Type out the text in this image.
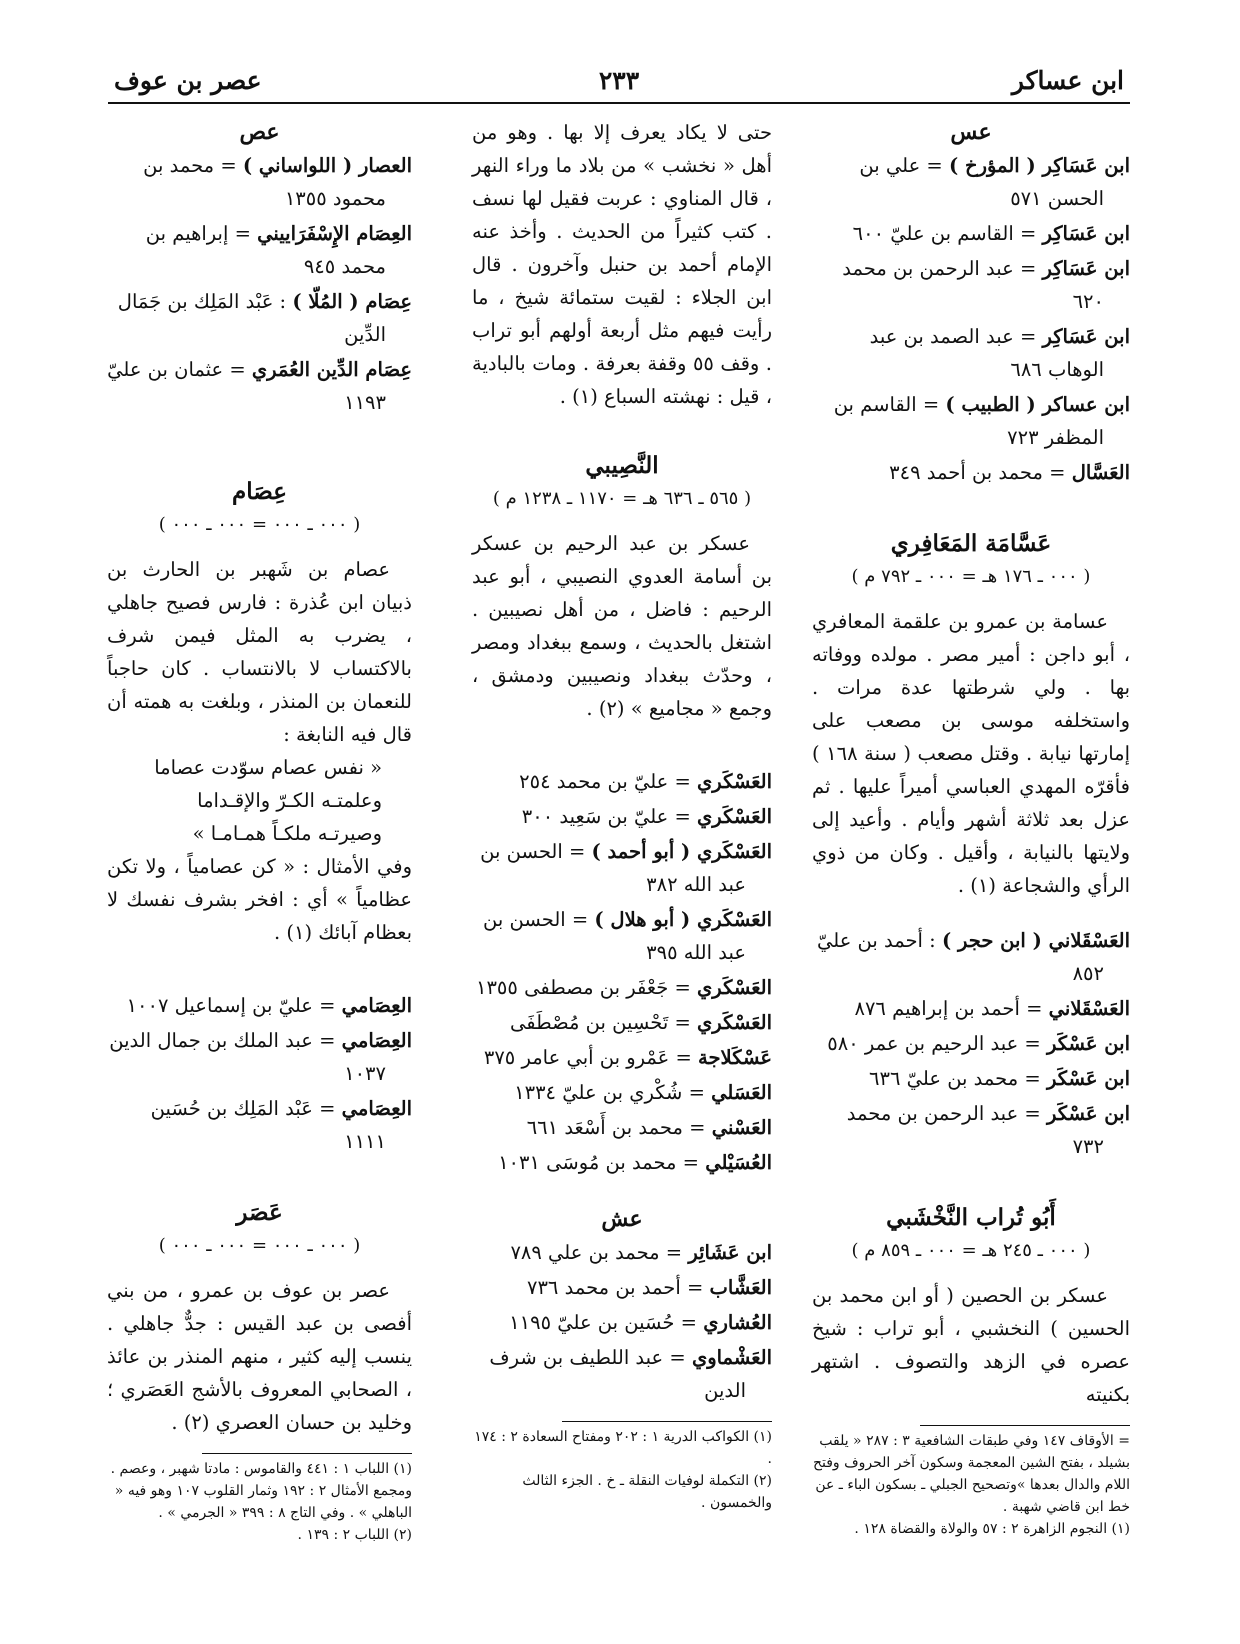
ابن عساكر
٢٣٣
عصر بن عوف
عس
ابن عَسَاكِر ( المؤرخ ) = علي بن الحسن ٥٧١
ابن عَسَاكِر = القاسم بن عليّ ٦٠٠
ابن عَسَاكِر = عبد الرحمن بن محمد ٦٢٠
ابن عَسَاكِر = عبد الصمد بن عبد الوهاب ٦٨٦
ابن عساكر ( الطبيب ) = القاسم بن المظفر ٧٢٣
العَسَّال = محمد بن أحمد ٣٤٩
عَسَّامَة المَعَافِري
( ٠٠٠ ـ ١٧٦ هـ = ٠٠٠ ـ ٧٩٢ م )

عسامة بن عمرو بن علقمة المعافري ، أبو داجن : أمير مصر . مولده ووفاته بها . ولي شرطتها عدة مرات . واستخلفه موسى بن مصعب على إمارتها نيابة . وقتل مصعب ( سنة ١٦٨ ) فأقرّه المهدي العباسي أميراً عليها . ثم عزل بعد ثلاثة أشهر وأيام . وأعيد إلى ولايتها بالنيابة ، وأقيل . وكان من ذوي الرأي والشجاعة (١) .

العَسْقَلاني ( ابن حجر ) : أحمد بن عليّ ٨٥٢
العَسْقَلاني = أحمد بن إبراهيم ٨٧٦
ابن عَسْكَر = عبد الرحيم بن عمر ٥٨٠
ابن عَسْكَر = محمد بن عليّ ٦٣٦
ابن عَسْكَر = عبد الرحمن بن محمد ٧٣٢
أَبُو تُراب النَّخْشَبي
( ٠٠٠ ـ ٢٤٥ هـ = ٠٠٠ ـ ٨٥٩ م )

عسكر بن الحصين ( أو ابن محمد بن الحسين ) النخشبي ، أبو تراب : شيخ عصره في الزهد والتصوف . اشتهر بكنيته

= الأوقاف ١٤٧ وفي طبقات الشافعية ٣ : ٢٨٧ « يلقب بشيلد ، بفتح الشين المعجمة وسكون آخر الحروف وفتح اللام والدال بعدها »وتصحيح الجبلي ـ بسكون الباء ـ عن خط ابن قاضي شهبة .

(١) النجوم الزاهرة ٢ : ٥٧ والولاة والقضاة ١٢٨ .

حتى لا يكاد يعرف إلا بها . وهو من أهل « نخشب » من بلاد ما وراء النهر ، قال المناوي : عربت فقيل لها نسف . كتب كثيراً من الحديث . وأخذ عنه الإمام أحمد بن حنبل وآخرون . قال ابن الجلاء : لقيت ستمائة شيخ ، ما رأيت فيهم مثل أربعة أولهم أبو تراب . وقف ٥٥ وقفة بعرفة . ومات بالبادية ، قيل : نهشته السباع (١) .

النَّصِيبي
( ٥٦٥ ـ ٦٣٦ هـ = ١١٧٠ ـ ١٢٣٨ م )

عسكر بن عبد الرحيم بن عسكر بن أسامة العدوي النصيبي ، أبو عبد الرحيم : فاضل ، من أهل نصيبين . اشتغل بالحديث ، وسمع ببغداد ومصر ، وحدّث ببغداد ونصيبين ودمشق ، وجمع « مجاميع » (٢) .

العَسْكَري = عليّ بن محمد ٢٥٤
العَسْكَري = عليّ بن سَعِيد ٣٠٠
العَسْكَري ( أبو أحمد ) = الحسن بن عبد الله ٣٨٢
العَسْكَري ( أبو هلال ) = الحسن بن عبد الله ٣٩٥
العَسْكَري = جَعْفَر بن مصطفى ١٣٥٥
العَسْكَري = تَحْسِين بن مُصْطَفَى
عَسْكَلاجة = عَمْرو بن أبي عامر ٣٧٥
العَسَلي = شُكْري بن عليّ ١٣٣٤
العَسْني = محمد بن أَسْعَد ٦٦١
العُسَيْلي = محمد بن مُوسَى ١٠٣١
عش
ابن عَشَائِر = محمد بن علي ٧٨٩
العَشَّاب = أحمد بن محمد ٧٣٦
العُشاري = حُسَين بن عليّ ١١٩٥
العَشْماوي = عبد اللطيف بن شرف الدين

(١) الكواكب الدرية ١ : ٢٠٢ ومفتاح السعادة ٢ : ١٧٤ .

(٢) التكملة لوفيات النقلة ـ خ . الجزء الثالث والخمسون .

عص
العصار ( اللواساني ) = محمد بن محمود ١٣٥٥
العِصَام الإِسْفَرَاييني = إبراهيم بن محمد ٩٤٥
عِصَام ( المُلّا ) : عَبْد المَلِك بن جَمَال الدِّين
عِصَام الدِّين العُمَري = عثمان بن عليّ ١١٩٣
عِصَام
( ٠٠٠ ـ ٠٠٠ = ٠٠٠ ـ ٠٠٠ )

عصام بن شَهبر بن الحارث بن ذبيان ابن عُذرة : فارس فصيح جاهلي ، يضرب به المثل فيمن شرف بالاكتساب لا بالانتساب . كان حاجباً للنعمان بن المنذر ، وبلغت به همته أن قال فيه النابغة :

« نفس عصام سوّدت عصاما
وعلمتـه الكـرّ والإقـداما
وصيرتـه ملكـاً همـامـا »

وفي الأمثال : « كن عصامياً ، ولا تكن عظامياً » أي : افخر بشرف نفسك لا بعظام آبائك (١) .

العِصَامي = عليّ بن إسماعيل ١٠٠٧
العِصَامي = عبد الملك بن جمال الدين ١٠٣٧
العِصَامي = عَبْد المَلِك بن حُسَين ١١١١
عَصَر
( ٠٠٠ ـ ٠٠٠ = ٠٠٠ ـ ٠٠٠ )

عصر بن عوف بن عمرو ، من بني أفصى بن عبد القيس : جدٌّ جاهلي . ينسب إليه كثير ، منهم المنذر بن عائذ ، الصحابي المعروف بالأشج العَصَري ؛ وخليد بن حسان العصري (٢) .

(١) اللباب ١ : ٤٤١ والقاموس : مادتا شهبر ، وعصم . ومجمع الأمثال ٢ : ١٩٢ وثمار القلوب ١٠٧ وهو فيه « الباهلي » . وفي التاج ٨ : ٣٩٩ « الجرمي » .

(٢) اللباب ٢ : ١٣٩ .
